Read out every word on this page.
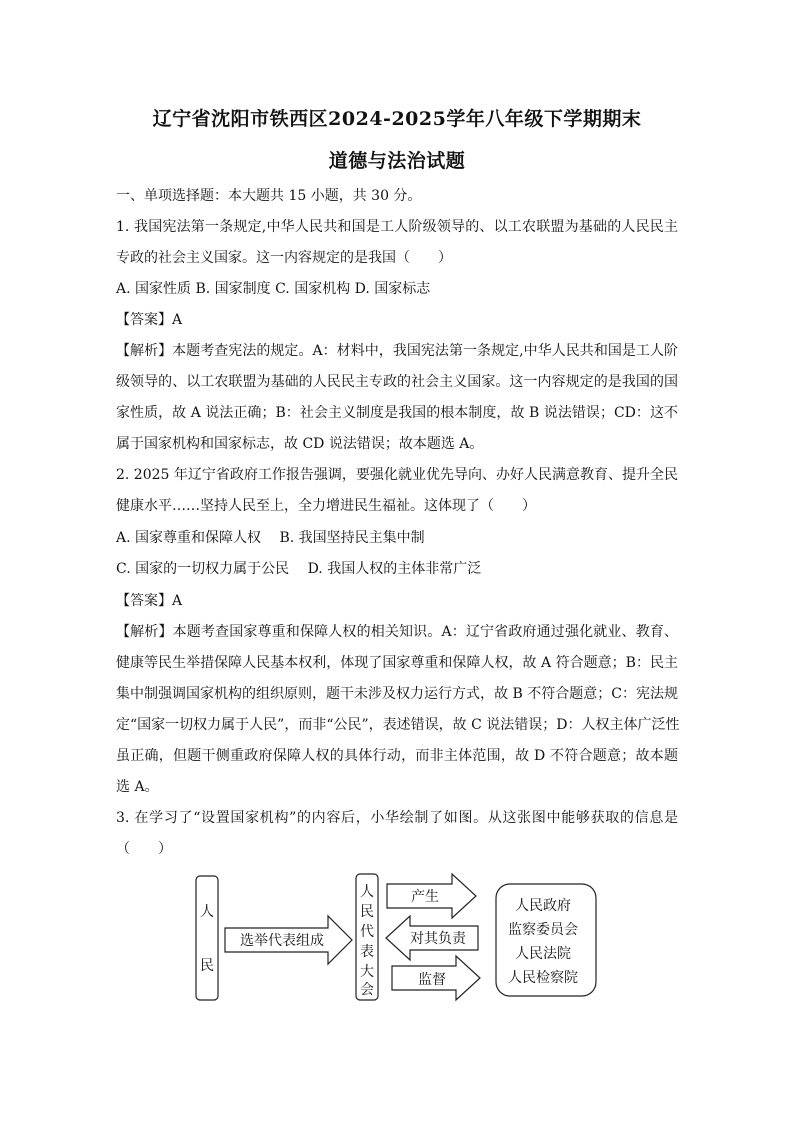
辽宁省沈阳市铁西区2024-2025学年八年级下学期期末
道德与法治试题
一、单项选择题：本大题共 15 小题，共 30 分。
1. 我国宪法第一条规定,中华人民共和国是工人阶级领导的、以工农联盟为基础的人民民主
专政的社会主义国家。这一内容规定的是我国（　　）
A. 国家性质 B. 国家制度 C. 国家机构 D. 国家标志
【答案】A
【解析】本题考查宪法的规定。A：材料中，我国宪法第一条规定,中华人民共和国是工人阶
级领导的、以工农联盟为基础的人民民主专政的社会主义国家。这一内容规定的是我国的国
家性质，故 A 说法正确；B：社会主义制度是我国的根本制度，故 B 说法错误；CD：这不
属于国家机构和国家标志，故 CD 说法错误；故本题选 A。
2. 2025 年辽宁省政府工作报告强调，要强化就业优先导向、办好人民满意教育、提升全民
健康水平……坚持人民至上，全力增进民生福祉。这体现了（　　）
A. 国家尊重和保障人权　 B. 我国坚持民主集中制
C. 国家的一切权力属于公民　 D. 我国人权的主体非常广泛
【答案】A
【解析】本题考查国家尊重和保障人权的相关知识。A：辽宁省政府通过强化就业、教育、
健康等民生举措保障人民基本权利，体现了国家尊重和保障人权，故 A 符合题意；B：民主
集中制强调国家机构的组织原则，题干未涉及权力运行方式，故 B 不符合题意；C：宪法规
定“国家一切权力属于人民”，而非“公民”，表述错误，故 C 说法错误；D：人权主体广泛性
虽正确，但题干侧重政府保障人权的具体行动，而非主体范围，故 D 不符合题意；故本题
选 A。
3. 在学习了“设置国家机构”的内容后，小华绘制了如图。从这张图中能够获取的信息是
（　　）
人
民
选举代表组成
人
民
代
表
大
会
产生
对其负责
监督
人民政府
监察委员会
人民法院
人民检察院
